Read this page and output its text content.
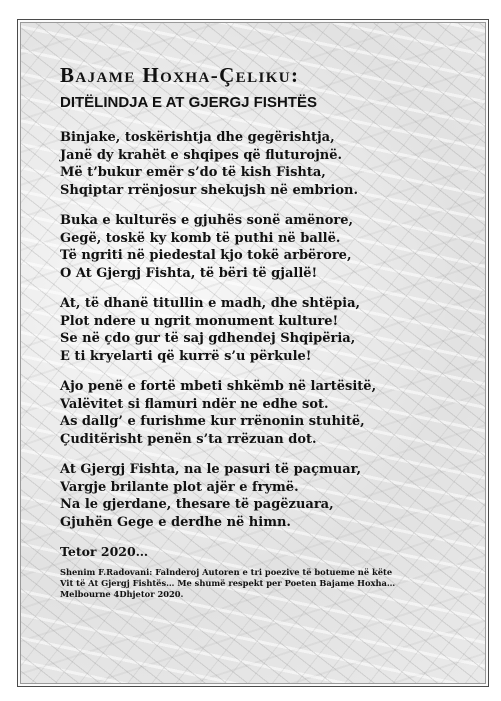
Bajame Hoxha-Çeliku:
DITËLINDJA E AT GJERGJ FISHTËS
Binjake, toskërishtja dhe gegërishtja,
Janë dy krahët e shqipes që fluturojnë.
Më t’bukur emër s’do të kish Fishta,
Shqiptar rrënjosur shekujsh në embrion.
Buka e kulturës e gjuhës sonë amënore,
Gegë, toskë ky komb të puthi në ballë.
Të ngriti në piedestal kjo tokë arbërore,
O At Gjergj Fishta, të bëri të gjallë!
At, të dhanë titullin e madh, dhe shtëpia,
Plot ndere u ngrit monument kulture!
Se në çdo gur të saj gdhendej Shqipëria,
E ti kryelarti që kurrë s’u përkule!
Ajo penë e fortë mbeti shkëmb në lartësitë,
Valëvitet si flamuri ndër ne edhe sot.
As dallg’ e furishme kur rrënonin stuhitë,
Çuditërisht penën s’ta rrëzuan dot.
At Gjergj Fishta, na le pasuri të paçmuar,
Vargje brilante plot ajër e frymë.
Na le gjerdane, thesare të pagëzuara,
Gjuhën Gege e derdhe në himn.
Tetor 2020…
Shenim F.Radovani: Falnderoj Autoren e tri poezive të botueme në këte
Vit të At Gjergj Fishtës… Me shumë respekt per Poeten Bajame Hoxha…
Melbourne 4Dhjetor 2020.
